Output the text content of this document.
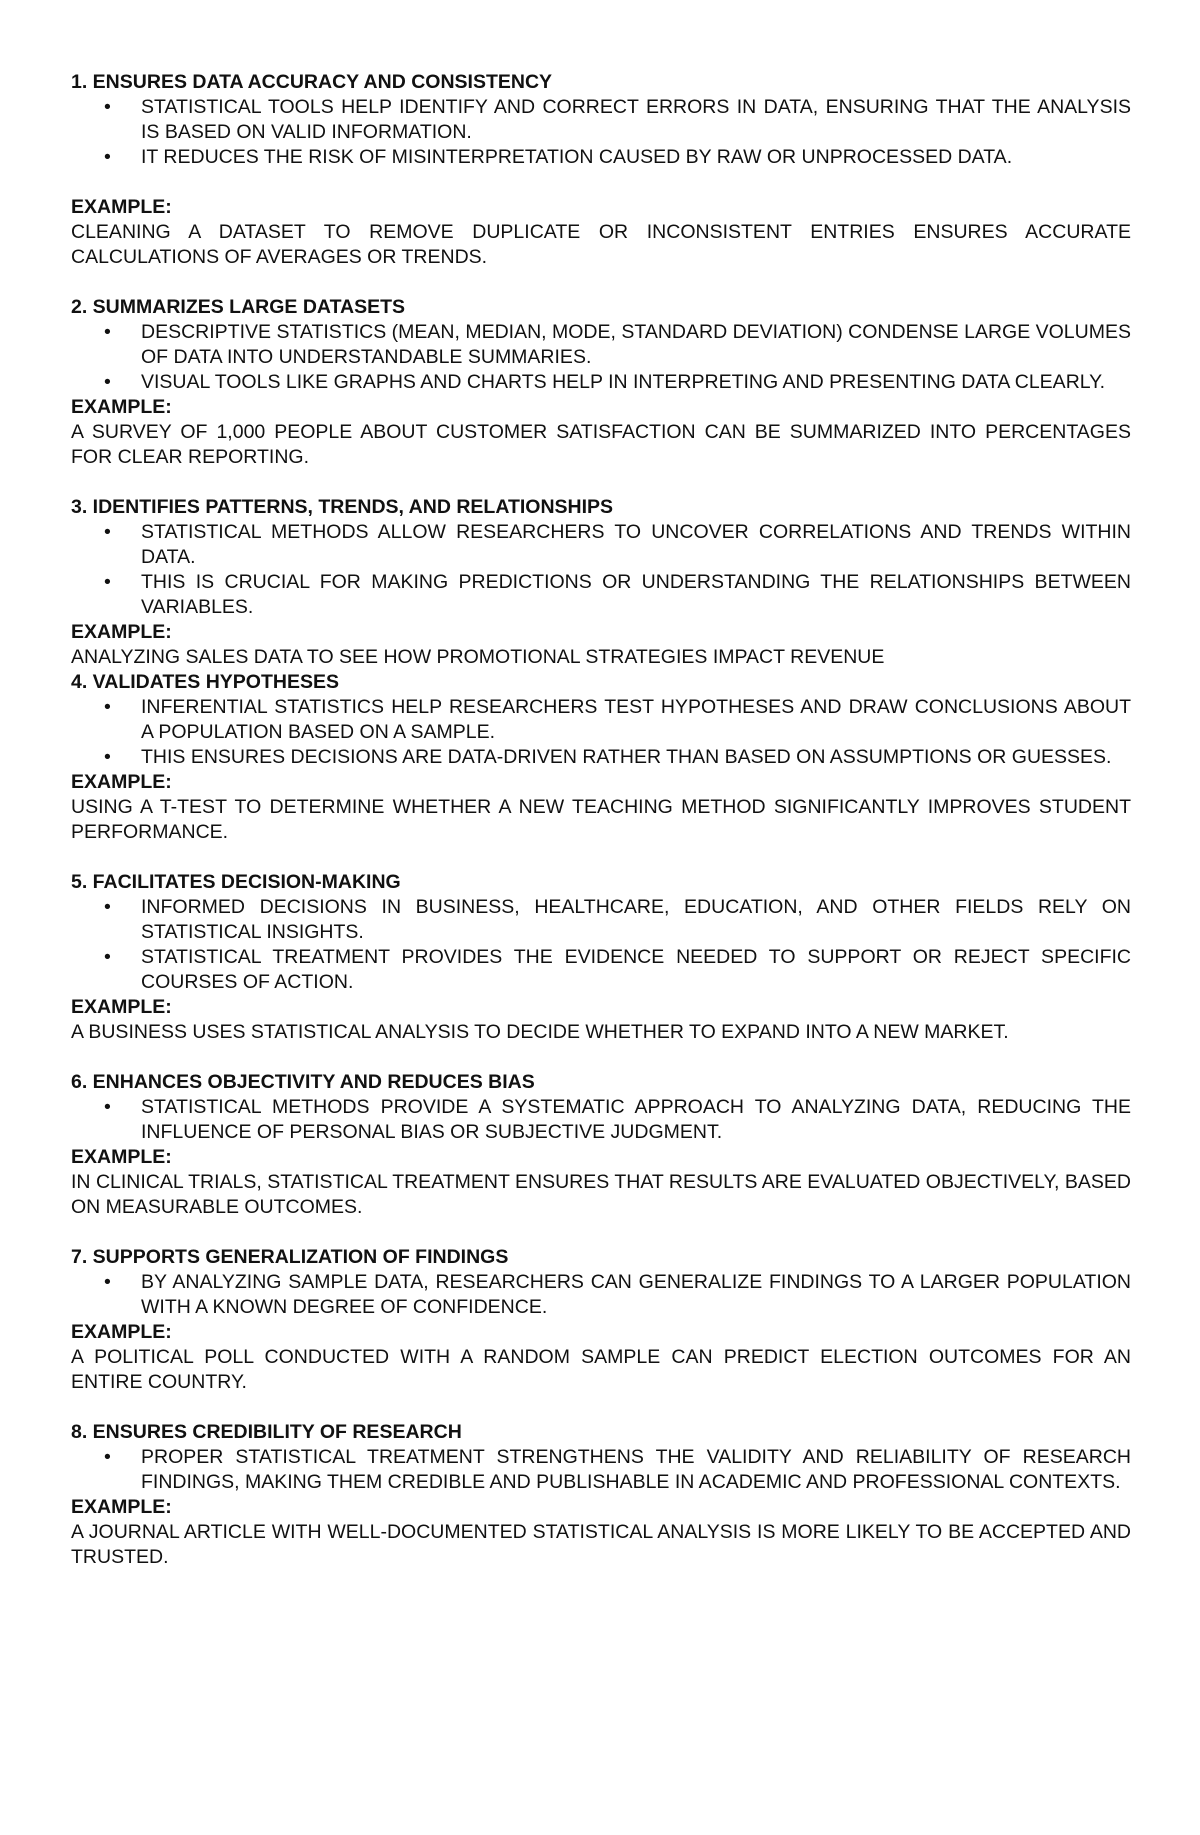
1. ENSURES DATA ACCURACY AND CONSISTENCY

• STATISTICAL TOOLS HELP IDENTIFY AND CORRECT ERRORS IN DATA, ENSURING THAT THE ANALYSIS IS BASED ON VALID INFORMATION.
• IT REDUCES THE RISK OF MISINTERPRETATION CAUSED BY RAW OR UNPROCESSED DATA.

EXAMPLE:

CLEANING A DATASET TO REMOVE DUPLICATE OR INCONSISTENT ENTRIES ENSURES ACCURATE CALCULATIONS OF AVERAGES OR TRENDS.

2. SUMMARIZES LARGE DATASETS

• DESCRIPTIVE STATISTICS (MEAN, MEDIAN, MODE, STANDARD DEVIATION) CONDENSE LARGE VOLUMES OF DATA INTO UNDERSTANDABLE SUMMARIES.
• VISUAL TOOLS LIKE GRAPHS AND CHARTS HELP IN INTERPRETING AND PRESENTING DATA CLEARLY.

EXAMPLE:

A SURVEY OF 1,000 PEOPLE ABOUT CUSTOMER SATISFACTION CAN BE SUMMARIZED INTO PERCENTAGES FOR CLEAR REPORTING.

3. IDENTIFIES PATTERNS, TRENDS, AND RELATIONSHIPS

• STATISTICAL METHODS ALLOW RESEARCHERS TO UNCOVER CORRELATIONS AND TRENDS WITHIN DATA.
• THIS IS CRUCIAL FOR MAKING PREDICTIONS OR UNDERSTANDING THE RELATIONSHIPS BETWEEN VARIABLES.

EXAMPLE:

ANALYZING SALES DATA TO SEE HOW PROMOTIONAL STRATEGIES IMPACT REVENUE

4. VALIDATES HYPOTHESES

• INFERENTIAL STATISTICS HELP RESEARCHERS TEST HYPOTHESES AND DRAW CONCLUSIONS ABOUT A POPULATION BASED ON A SAMPLE.
• THIS ENSURES DECISIONS ARE DATA-DRIVEN RATHER THAN BASED ON ASSUMPTIONS OR GUESSES.

EXAMPLE:

USING A T-TEST TO DETERMINE WHETHER A NEW TEACHING METHOD SIGNIFICANTLY IMPROVES STUDENT PERFORMANCE.

5. FACILITATES DECISION-MAKING

• INFORMED DECISIONS IN BUSINESS, HEALTHCARE, EDUCATION, AND OTHER FIELDS RELY ON STATISTICAL INSIGHTS.
• STATISTICAL TREATMENT PROVIDES THE EVIDENCE NEEDED TO SUPPORT OR REJECT SPECIFIC COURSES OF ACTION.

EXAMPLE:

A BUSINESS USES STATISTICAL ANALYSIS TO DECIDE WHETHER TO EXPAND INTO A NEW MARKET.

6. ENHANCES OBJECTIVITY AND REDUCES BIAS

• STATISTICAL METHODS PROVIDE A SYSTEMATIC APPROACH TO ANALYZING DATA, REDUCING THE INFLUENCE OF PERSONAL BIAS OR SUBJECTIVE JUDGMENT.

EXAMPLE:

IN CLINICAL TRIALS, STATISTICAL TREATMENT ENSURES THAT RESULTS ARE EVALUATED OBJECTIVELY, BASED ON MEASURABLE OUTCOMES.

7. SUPPORTS GENERALIZATION OF FINDINGS

• BY ANALYZING SAMPLE DATA, RESEARCHERS CAN GENERALIZE FINDINGS TO A LARGER POPULATION WITH A KNOWN DEGREE OF CONFIDENCE.

EXAMPLE:

A POLITICAL POLL CONDUCTED WITH A RANDOM SAMPLE CAN PREDICT ELECTION OUTCOMES FOR AN ENTIRE COUNTRY.

8. ENSURES CREDIBILITY OF RESEARCH

• PROPER STATISTICAL TREATMENT STRENGTHENS THE VALIDITY AND RELIABILITY OF RESEARCH FINDINGS, MAKING THEM CREDIBLE AND PUBLISHABLE IN ACADEMIC AND PROFESSIONAL CONTEXTS.

EXAMPLE:

A JOURNAL ARTICLE WITH WELL-DOCUMENTED STATISTICAL ANALYSIS IS MORE LIKELY TO BE ACCEPTED AND TRUSTED.
